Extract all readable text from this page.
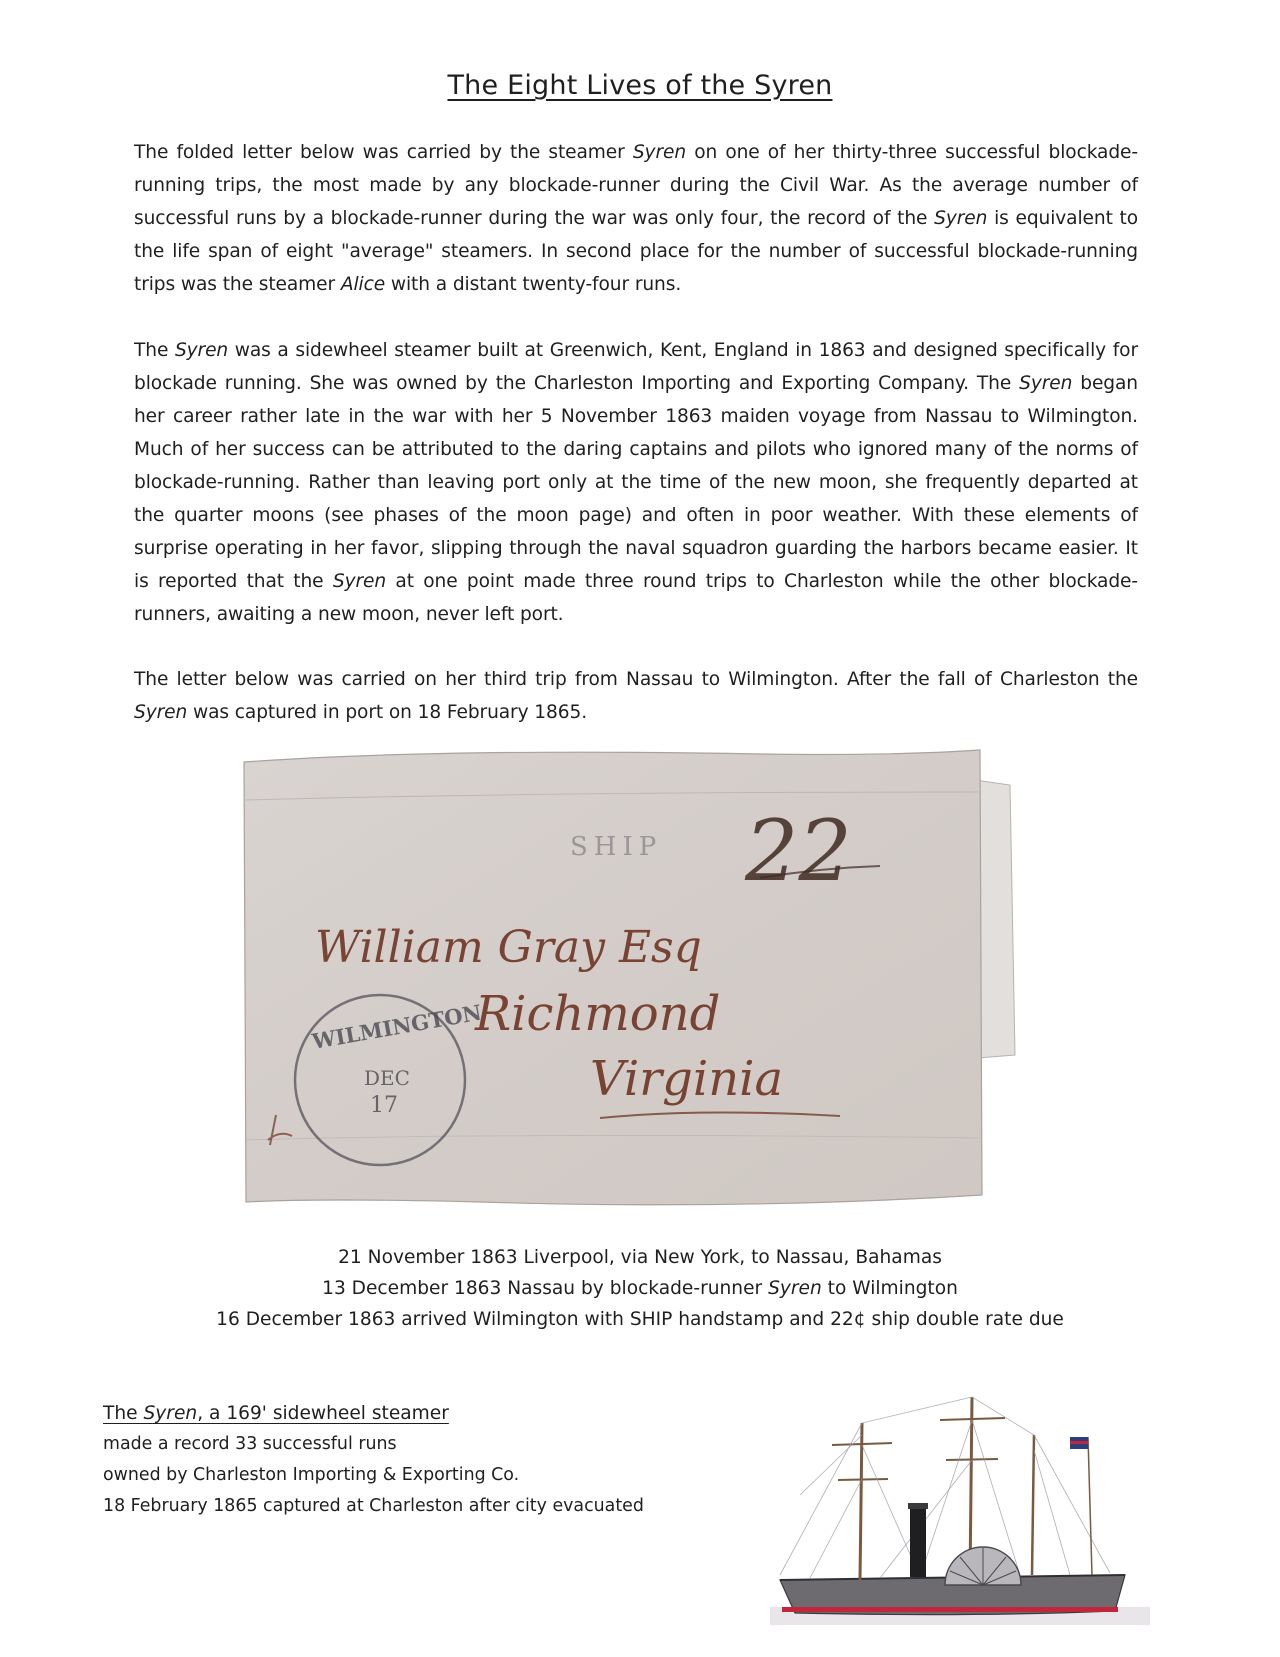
The Eight Lives of the Syren

The folded letter below was carried by the steamer Syren on one of her thirty-three successful blockade-running trips, the most made by any blockade-runner during the Civil War. As the average number of successful runs by a blockade-runner during the war was only four, the record of the Syren is equivalent to the life span of eight "average" steamers. In second place for the number of successful blockade-running trips was the steamer Alice with a distant twenty-four runs.

The Syren was a sidewheel steamer built at Greenwich, Kent, England in 1863 and designed specifically for blockade running. She was owned by the Charleston Importing and Exporting Company. The Syren began her career rather late in the war with her 5 November 1863 maiden voyage from Nassau to Wilmington. Much of her success can be attributed to the daring captains and pilots who ignored many of the norms of blockade-running. Rather than leaving port only at the time of the new moon, she frequently departed at the quarter moons (see phases of the moon page) and often in poor weather. With these elements of surprise operating in her favor, slipping through the naval squadron guarding the harbors became easier. It is reported that the Syren at one point made three round trips to Charleston while the other blockade-runners, awaiting a new moon, never left port.

The letter below was carried on her third trip from Nassau to Wilmington. After the fall of Charleston the Syren was captured in port on 18 February 1865.

SHIP 22
William Gray Esq
Richmond
Virginia
WILMINGTON
DEC
17
21 November 1863 Liverpool, via New York, to Nassau, Bahamas
13 December 1863 Nassau by blockade-runner Syren to Wilmington
16 December 1863 arrived Wilmington with SHIP handstamp and 22¢ ship double rate due
The Syren, a 169' sidewheel steamer
made a record 33 successful runs
owned by Charleston Importing & Exporting Co.
18 February 1865 captured at Charleston after city evacuated
